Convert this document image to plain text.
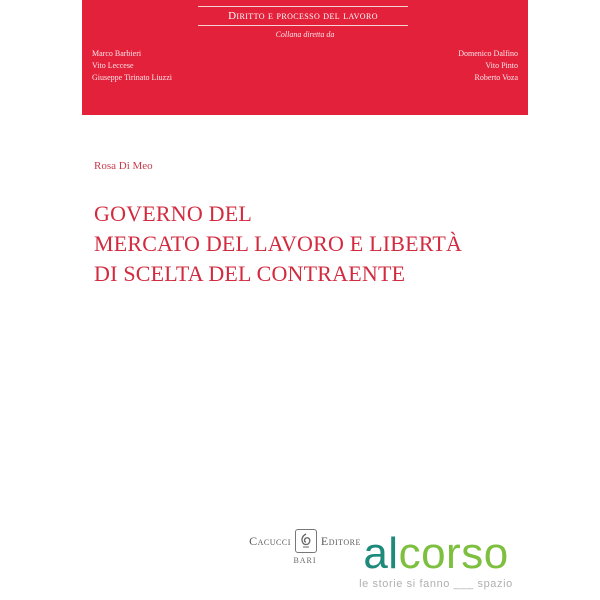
Diritto e processo del lavoro
Collana diretta da
Marco Barbieri
Vito Leccese
Giuseppe Tirinato Liuzzi
Domenico Dalfino
Vito Pinto
Roberto Voza
Rosa Di Meo
GOVERNO DEL
MERCATO DEL LAVORO E LIBERTÀ
DI SCELTA DEL CONTRAENTE
Cacucci	Editore
BARI	alcorso
le storie si fanno ___ spazio
